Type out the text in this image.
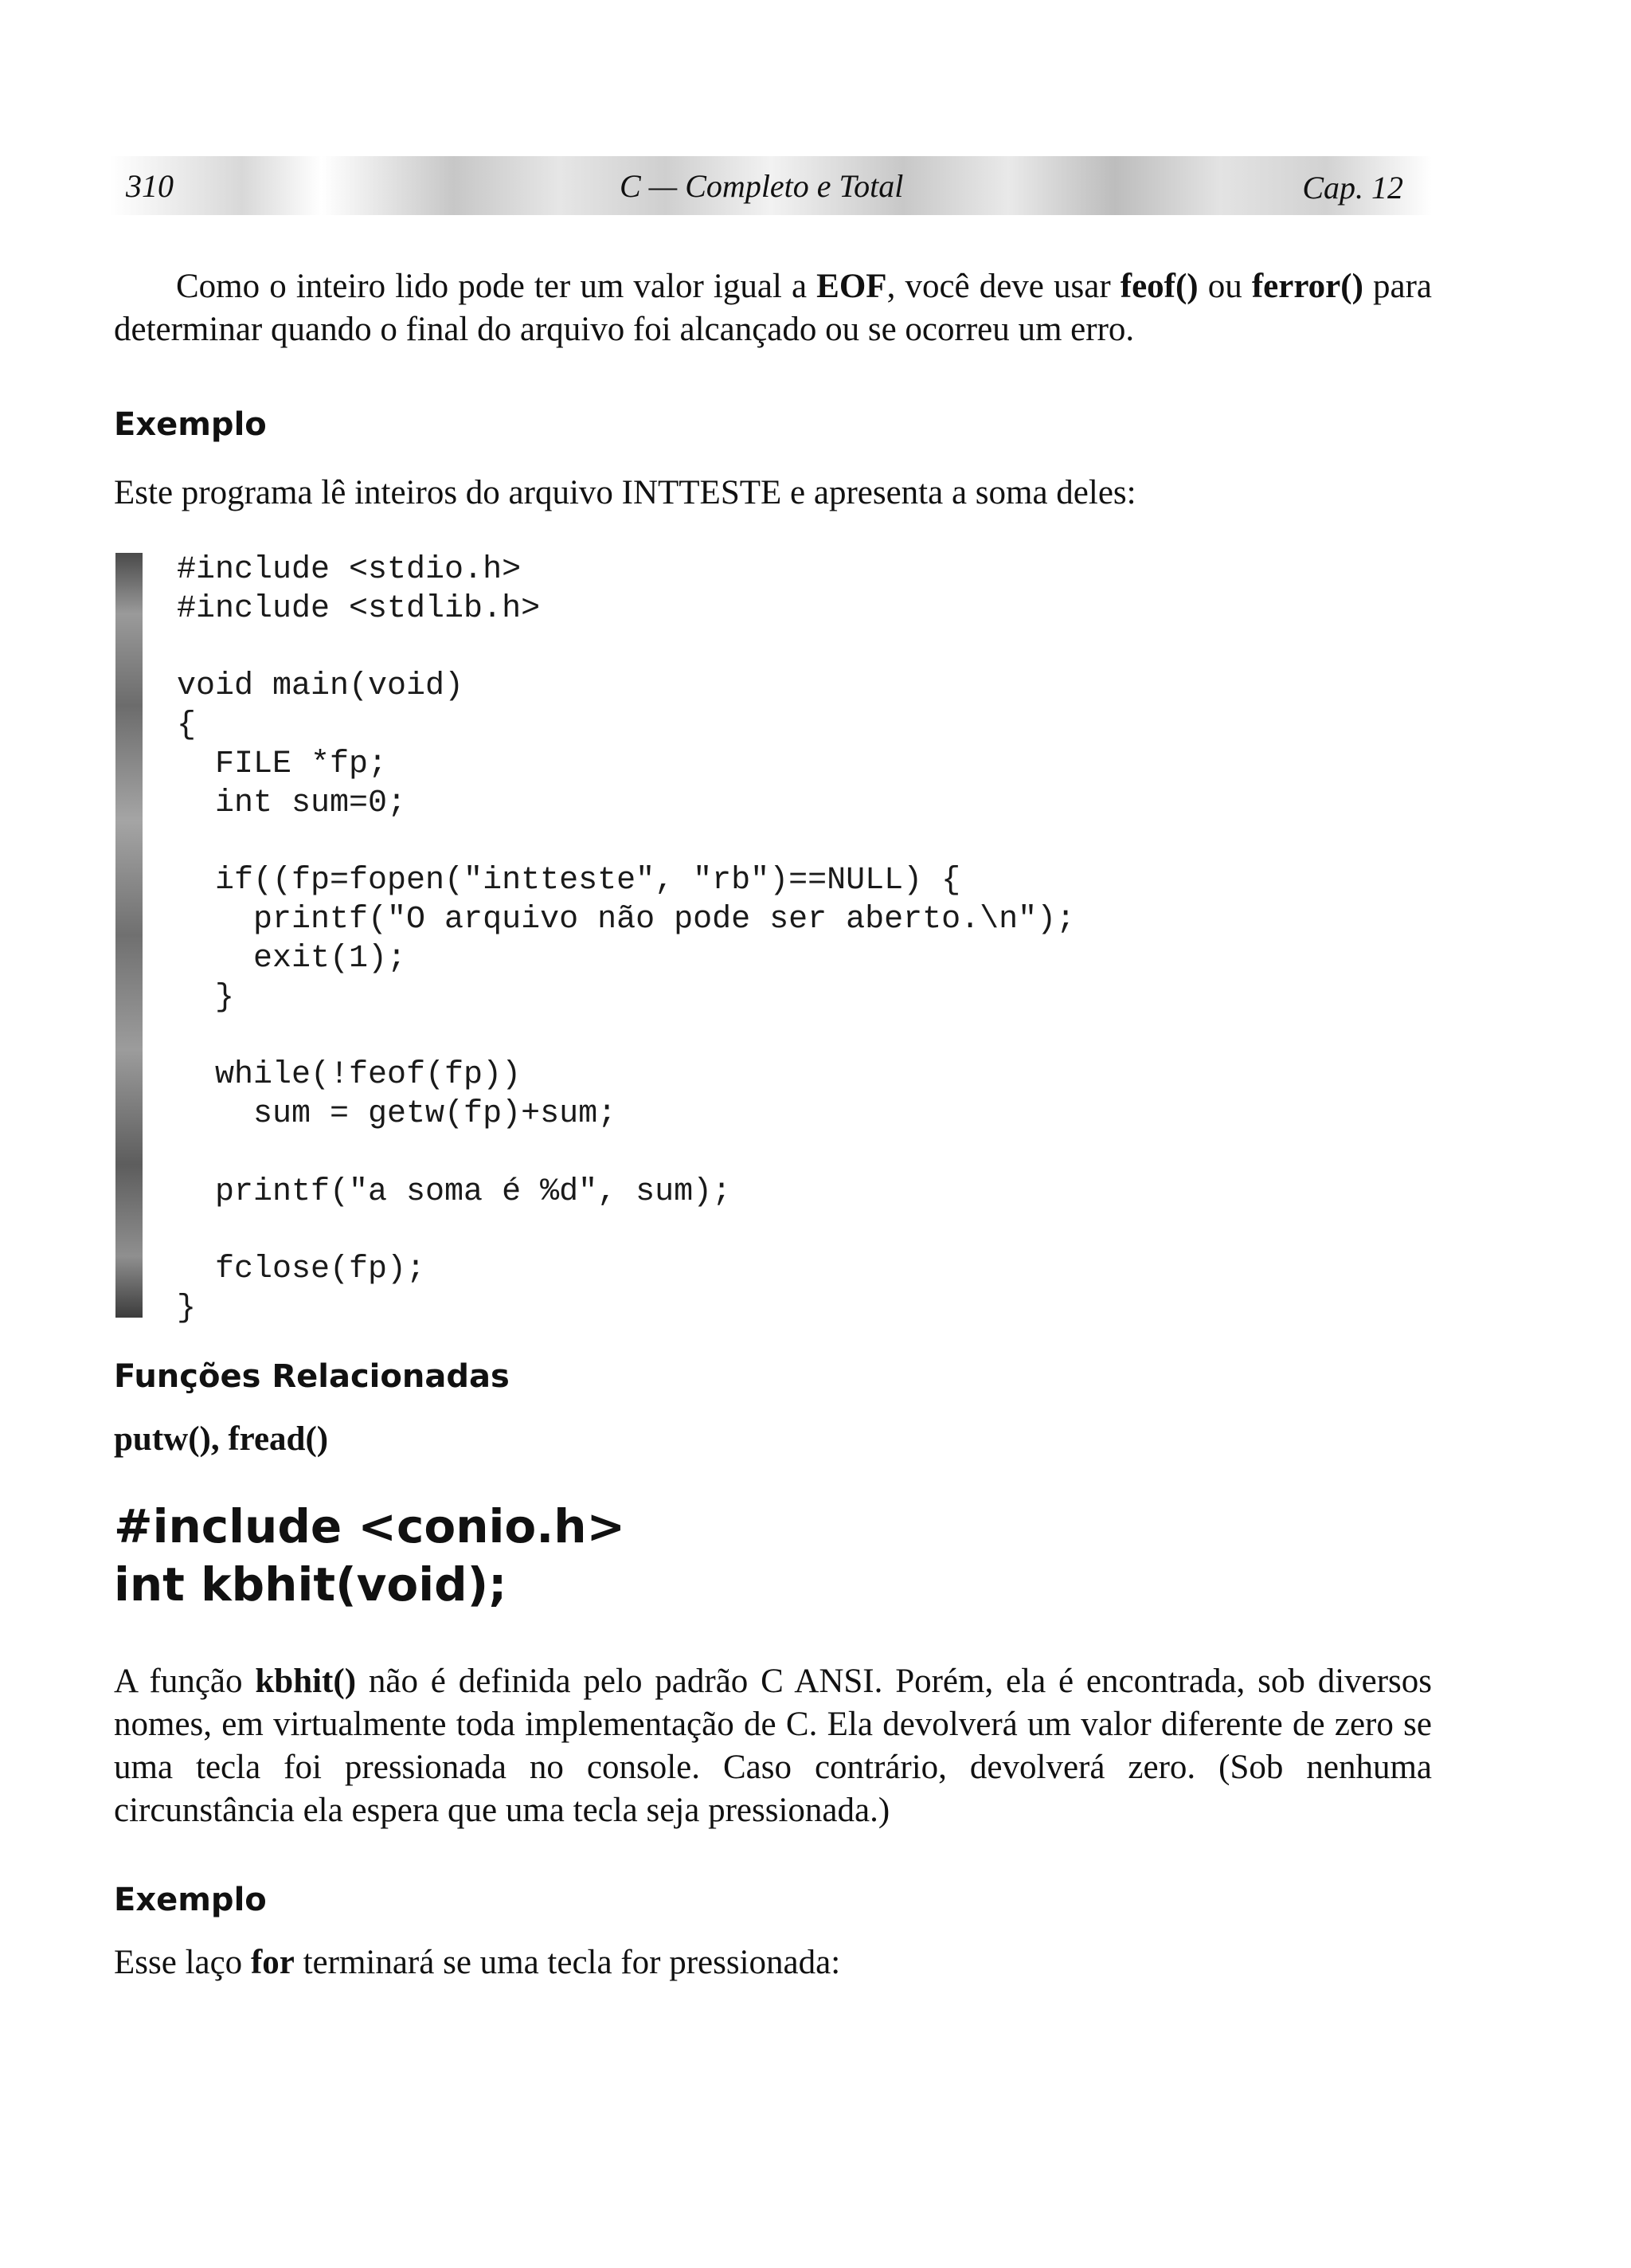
310	C — Completo e Total	Cap. 12

Como o inteiro lido pode ter um valor igual a EOF, você deve usar feof() ou ferror() para determinar quando o final do arquivo foi alcançado ou se ocorreu um erro.

Exemplo

Este programa lê inteiros do arquivo INTTESTE e apresenta a soma deles:

#include <stdio.h>
#include <stdlib.h>
void main(void)
{
FILE *fp;
int sum=0;
if((fp=fopen("intteste", "rb")==NULL) {
printf("O arquivo não pode ser aberto.\n");
exit(1);
}
while(!feof(fp))
sum = getw(fp)+sum;
printf("a soma é %d", sum);
fclose(fp);
}
Funções Relacionadas

putw(), fread()

#include <conio.h>
int kbhit(void);

A função kbhit() não é definida pelo padrão C ANSI. Porém, ela é encontrada, sob diversos nomes, em virtualmente toda implementação de C. Ela devolverá um valor diferente de zero se uma tecla foi pressionada no console. Caso contrário, devolverá zero. (Sob nenhuma circunstância ela espera que uma tecla seja pressionada.)

Exemplo

Esse laço for terminará se uma tecla for pressionada:
